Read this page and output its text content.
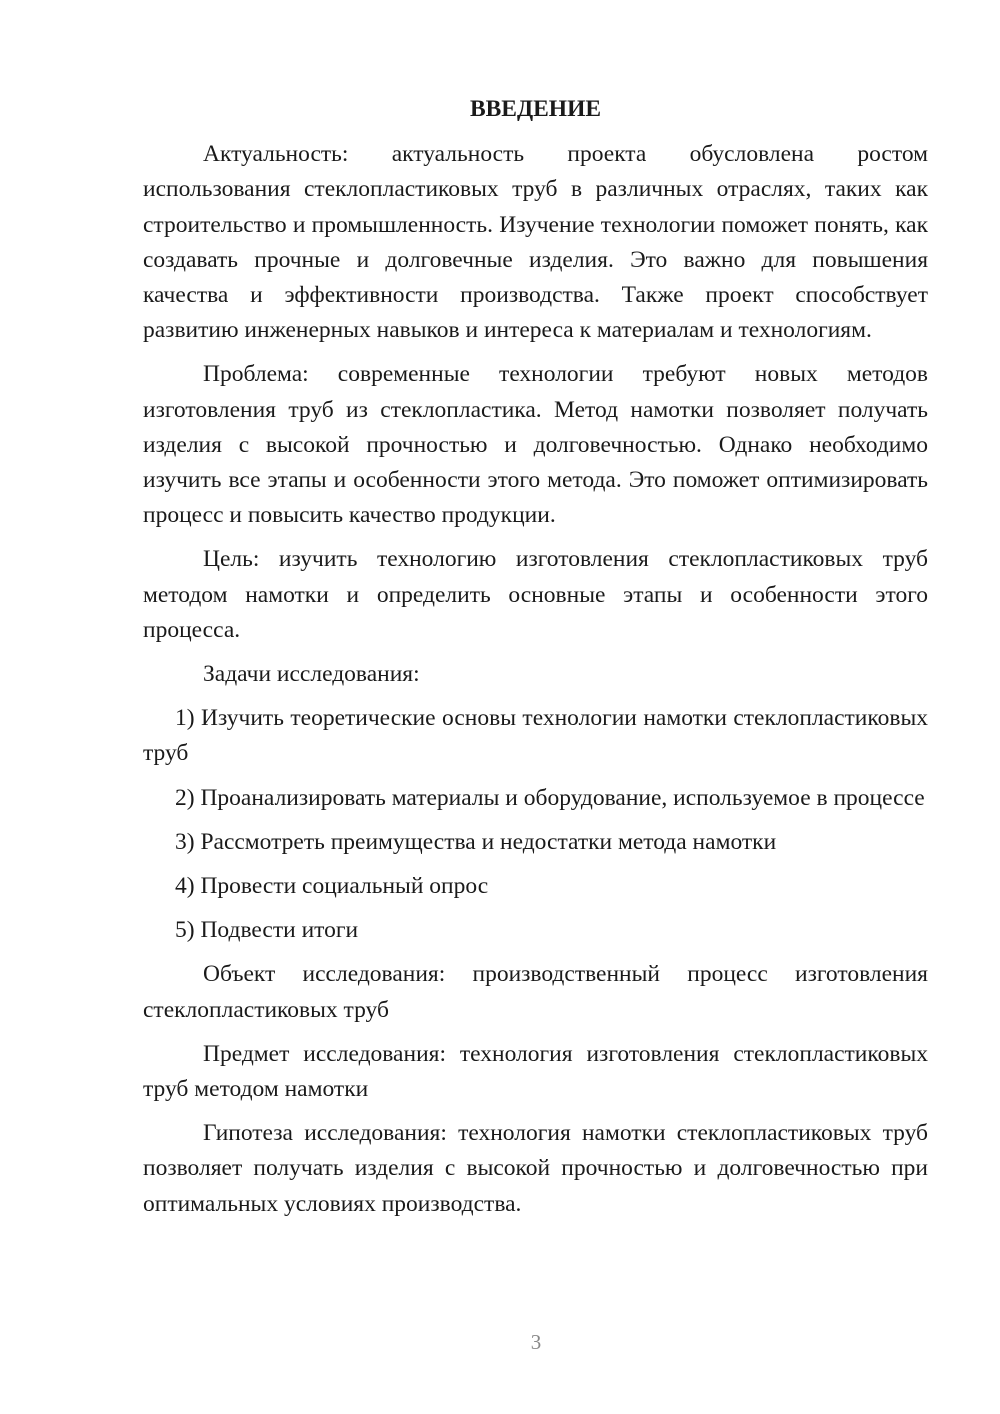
ВВЕДЕНИЕ

Актуальность: актуальность проекта обусловлена ростом использования стеклопластиковых труб в различных отраслях, таких как строительство и промышленность. Изучение технологии поможет понять, как создавать прочные и долговечные изделия. Это важно для повышения качества и эффективности производства. Также проект способствует развитию инженерных навыков и интереса к материалам и технологиям.

Проблема: современные технологии требуют новых методов изготовления труб из стеклопластика. Метод намотки позволяет получать изделия с высокой прочностью и долговечностью. Однако необходимо изучить все этапы и особенности этого метода. Это поможет оптимизировать процесс и повысить качество продукции.

Цель: изучить технологию изготовления стеклопластиковых труб методом намотки и определить основные этапы и особенности этого процесса.

Задачи исследования:

1) Изучить теоретические основы технологии намотки стеклопластиковых труб

2) Проанализировать материалы и оборудование, используемое в процессе

3) Рассмотреть преимущества и недостатки метода намотки

4) Провести социальный опрос

5) Подвести итоги

Объект исследования: производственный процесс изготовления стеклопластиковых труб

Предмет исследования: технология изготовления стеклопластиковых труб методом намотки

Гипотеза исследования: технология намотки стеклопластиковых труб позволяет получать изделия с высокой прочностью и долговечностью при оптимальных условиях производства.

3
